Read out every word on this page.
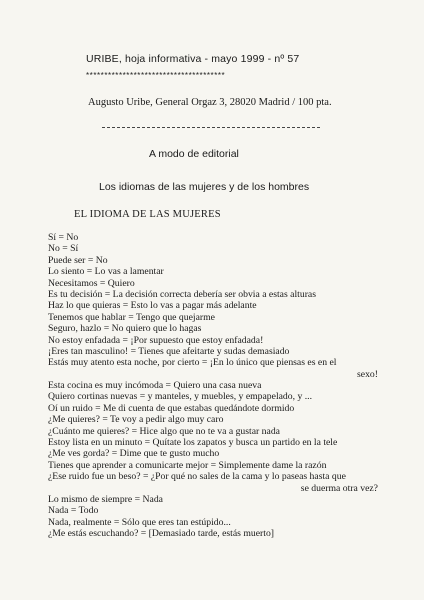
URIBE, hoja informativa - mayo 1999 - nº 57
**************************************
Augusto Uribe, General Orgaz 3, 28020 Madrid / 100 pta.
A modo de editorial
Los idiomas de las mujeres y de los hombres
EL IDIOMA DE LAS MUJERES
Sí = No
No = Sí
Puede ser = No
Lo siento = Lo vas a lamentar
Necesitamos = Quiero
Es tu decisión = La decisión correcta debería ser obvia a estas alturas
Haz lo que quieras = Esto lo vas a pagar más adelante
Tenemos que hablar = Tengo que quejarme
Seguro, hazlo = No quiero que lo hagas
No estoy enfadada = ¡Por supuesto que estoy enfadada!
¡Eres tan masculino! = Tienes que afeitarte y sudas demasiado
Estás muy atento esta noche, por cierto = ¡En lo único que piensas es en el
sexo!
Esta cocina es muy incómoda = Quiero una casa nueva
Quiero cortinas nuevas = y manteles, y muebles, y empapelado, y ...
Oí un ruido = Me di cuenta de que estabas quedándote dormido
¿Me quieres? = Te voy a pedir algo muy caro
¿Cuánto me quieres? = Hice algo que no te va a gustar nada
Estoy lista en un minuto = Quítate los zapatos y busca un partido en la tele
¿Me ves gorda? = Dime que te gusto mucho
Tienes que aprender a comunicarte mejor = Simplemente dame la razón
¿Ese ruido fue un beso? = ¿Por qué no sales de la cama y lo paseas hasta que
se duerma otra vez?
Lo mismo de siempre = Nada
Nada = Todo
Nada, realmente = Sólo que eres tan estúpido...
¿Me estás escuchando? = [Demasiado tarde, estás muerto]
